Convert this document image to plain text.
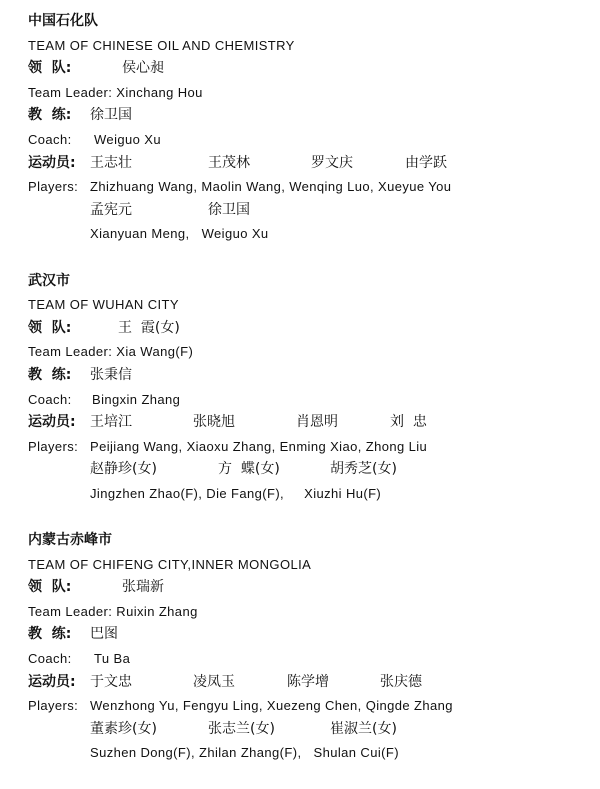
中国石化队
TEAM OF CHINESE OIL AND CHEMISTRY
领  队:	侯心昶
Team Leader: Xinchang Hou
教  练: 徐卫国
Coach: Weiguo Xu
运动员: 王志壮	王茂林	罗文庆	由学跃
Players: Zhizhuang Wang, Maolin Wang, Wenqing Luo, Xueyue You
孟宪元	徐卫国
Xianyuan Meng,   Weiguo Xu
武汉市
TEAM OF WUHAN CITY
领  队:	王  霞(女)
Team Leader: Xia Wang(F)
教  练: 张秉信
Coach: Bingxin Zhang
运动员: 王培江	张晓旭	肖恩明	刘  忠
Players: Peijiang Wang, Xiaoxu Zhang, Enming Xiao, Zhong Liu
赵静珍(女)	方  蝶(女)	胡秀芝(女)
Jingzhen Zhao(F), Die Fang(F),     Xiuzhi Hu(F)
内蒙古赤峰市
TEAM OF CHIFENG CITY,INNER MONGOLIA
领  队:	张瑞新
Team Leader: Ruixin Zhang
教  练: 巴图
Coach: Tu Ba
运动员: 于文忠	凌凤玉	陈学增	张庆德
Players: Wenzhong Yu, Fengyu Ling, Xuezeng Chen, Qingde Zhang
董素珍(女)	张志兰(女)	崔淑兰(女)
Suzhen Dong(F), Zhilan Zhang(F),   Shulan Cui(F)
